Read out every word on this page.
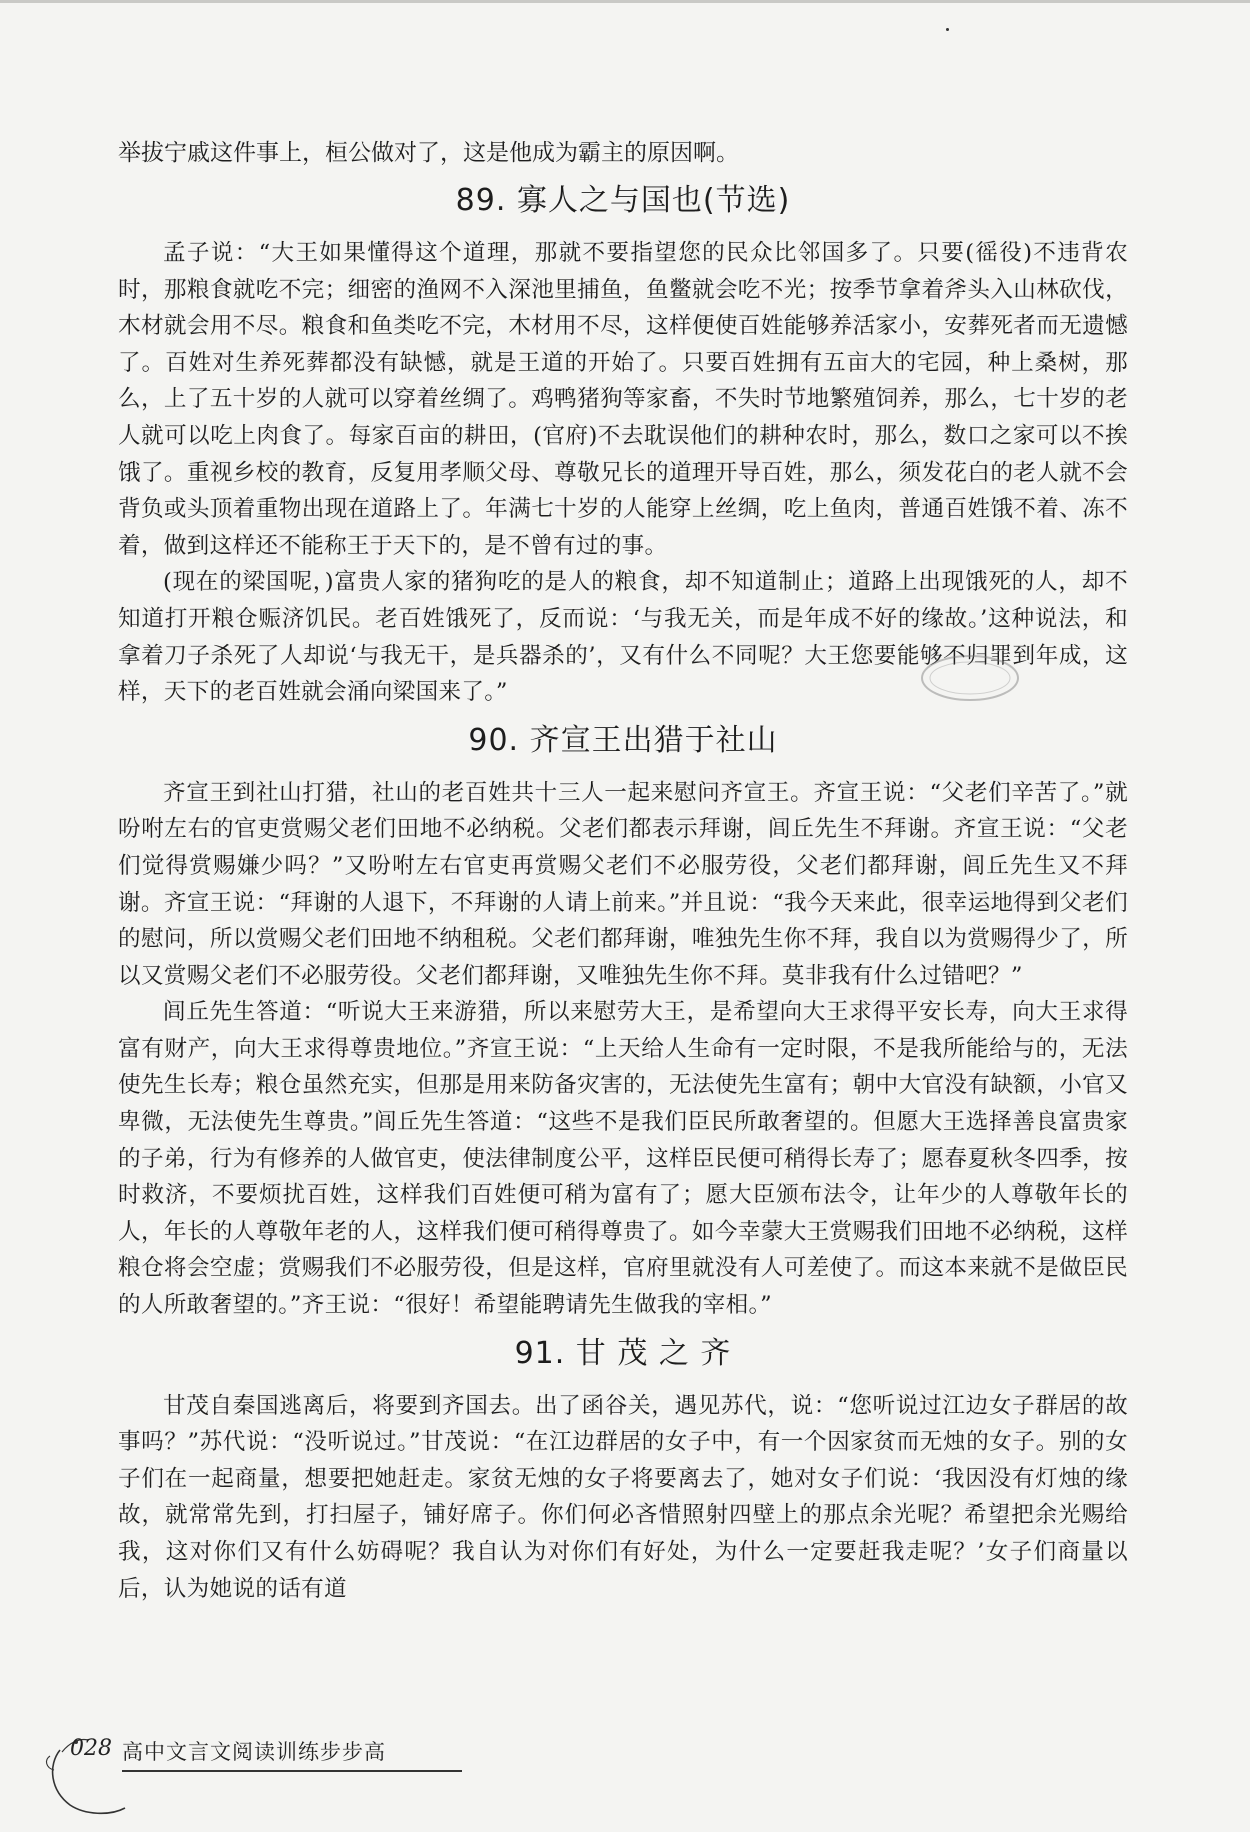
举拔宁戚这件事上，桓公做对了，这是他成为霸主的原因啊。

89. 寡人之与国也(节选)

孟子说：“大王如果懂得这个道理，那就不要指望您的民众比邻国多了。只要(徭役)不违背农时，那粮食就吃不完；细密的渔网不入深池里捕鱼，鱼鳖就会吃不光；按季节拿着斧头入山林砍伐，木材就会用不尽。粮食和鱼类吃不完，木材用不尽，这样便使百姓能够养活家小，安葬死者而无遗憾了。百姓对生养死葬都没有缺憾，就是王道的开始了。只要百姓拥有五亩大的宅园，种上桑树，那么，上了五十岁的人就可以穿着丝绸了。鸡鸭猪狗等家畜，不失时节地繁殖饲养，那么，七十岁的老人就可以吃上肉食了。每家百亩的耕田，(官府)不去耽误他们的耕种农时，那么，数口之家可以不挨饿了。重视乡校的教育，反复用孝顺父母、尊敬兄长的道理开导百姓，那么，须发花白的老人就不会背负或头顶着重物出现在道路上了。年满七十岁的人能穿上丝绸，吃上鱼肉，普通百姓饿不着、冻不着，做到这样还不能称王于天下的，是不曾有过的事。

(现在的梁国呢，)富贵人家的猪狗吃的是人的粮食，却不知道制止；道路上出现饿死的人，却不知道打开粮仓赈济饥民。老百姓饿死了，反而说：‘与我无关，而是年成不好的缘故。’这种说法，和拿着刀子杀死了人却说‘与我无干，是兵器杀的’，又有什么不同呢？大王您要能够不归罪到年成，这样，天下的老百姓就会涌向梁国来了。”

90. 齐宣王出猎于社山

齐宣王到社山打猎，社山的老百姓共十三人一起来慰问齐宣王。齐宣王说：“父老们辛苦了。”就吩咐左右的官吏赏赐父老们田地不必纳税。父老们都表示拜谢，闾丘先生不拜谢。齐宣王说：“父老们觉得赏赐嫌少吗？”又吩咐左右官吏再赏赐父老们不必服劳役，父老们都拜谢，闾丘先生又不拜谢。齐宣王说：“拜谢的人退下，不拜谢的人请上前来。”并且说：“我今天来此，很幸运地得到父老们的慰问，所以赏赐父老们田地不纳租税。父老们都拜谢，唯独先生你不拜，我自以为赏赐得少了，所以又赏赐父老们不必服劳役。父老们都拜谢，又唯独先生你不拜。莫非我有什么过错吧？”

闾丘先生答道：“听说大王来游猎，所以来慰劳大王，是希望向大王求得平安长寿，向大王求得富有财产，向大王求得尊贵地位。”齐宣王说：“上天给人生命有一定时限，不是我所能给与的，无法使先生长寿；粮仓虽然充实，但那是用来防备灾害的，无法使先生富有；朝中大官没有缺额，小官又卑微，无法使先生尊贵。”闾丘先生答道：“这些不是我们臣民所敢奢望的。但愿大王选择善良富贵家的子弟，行为有修养的人做官吏，使法律制度公平，这样臣民便可稍得长寿了；愿春夏秋冬四季，按时救济，不要烦扰百姓，这样我们百姓便可稍为富有了；愿大臣颁布法令，让年少的人尊敬年长的人，年长的人尊敬年老的人，这样我们便可稍得尊贵了。如今幸蒙大王赏赐我们田地不必纳税，这样粮仓将会空虚；赏赐我们不必服劳役，但是这样，官府里就没有人可差使了。而这本来就不是做臣民的人所敢奢望的。”齐王说：“很好！希望能聘请先生做我的宰相。”

91. 甘 茂 之 齐

甘茂自秦国逃离后，将要到齐国去。出了函谷关，遇见苏代，说：“您听说过江边女子群居的故事吗？”苏代说：“没听说过。”甘茂说：“在江边群居的女子中，有一个因家贫而无烛的女子。别的女子们在一起商量，想要把她赶走。家贫无烛的女子将要离去了，她对女子们说：‘我因没有灯烛的缘故，就常常先到，打扫屋子，铺好席子。你们何必吝惜照射四壁上的那点余光呢？希望把余光赐给我，这对你们又有什么妨碍呢？我自认为对你们有好处，为什么一定要赶我走呢？’女子们商量以后，认为她说的话有道

028 高中文言文阅读训练步步高
